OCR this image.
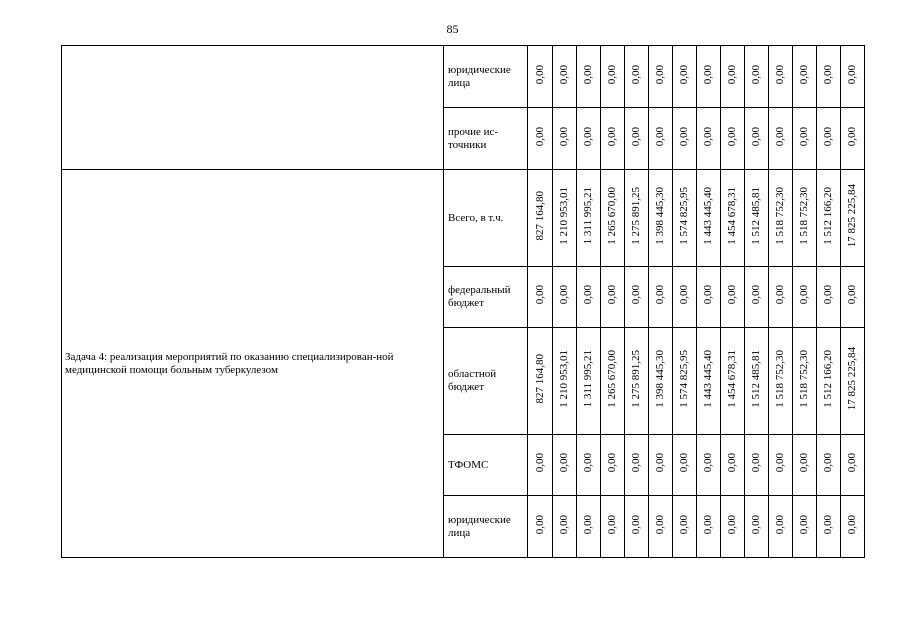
85
	юридические лица	0,00	0,00	0,00	0,00	0,00	0,00	0,00	0,00	0,00	0,00	0,00	0,00	0,00	0,00
	прочие ис-точники	0,00	0,00	0,00	0,00	0,00	0,00	0,00	0,00	0,00	0,00	0,00	0,00	0,00	0,00
Задача 4: реализация мероприятий по оказанию специализирован-ной медицинской помощи больным туберкулезом	Всего, в т.ч.	827 164,80	1 210 953,01	1 311 995,21	1 265 670,00	1 275 891,25	1 398 445,30	1 574 825,95	1 443 445,40	1 454 678,31	1 512 485,81	1 518 752,30	1 518 752,30	1 512 166,20	17 825 225,84
	федеральный бюджет	0,00	0,00	0,00	0,00	0,00	0,00	0,00	0,00	0,00	0,00	0,00	0,00	0,00	0,00
	областной бюджет	827 164,80	1 210 953,01	1 311 995,21	1 265 670,00	1 275 891,25	1 398 445,30	1 574 825,95	1 443 445,40	1 454 678,31	1 512 485,81	1 518 752,30	1 518 752,30	1 512 166,20	17 825 225,84
	ТФОМС	0,00	0,00	0,00	0,00	0,00	0,00	0,00	0,00	0,00	0,00	0,00	0,00	0,00	0,00
	юридические лица	0,00	0,00	0,00	0,00	0,00	0,00	0,00	0,00	0,00	0,00	0,00	0,00	0,00	0,00
